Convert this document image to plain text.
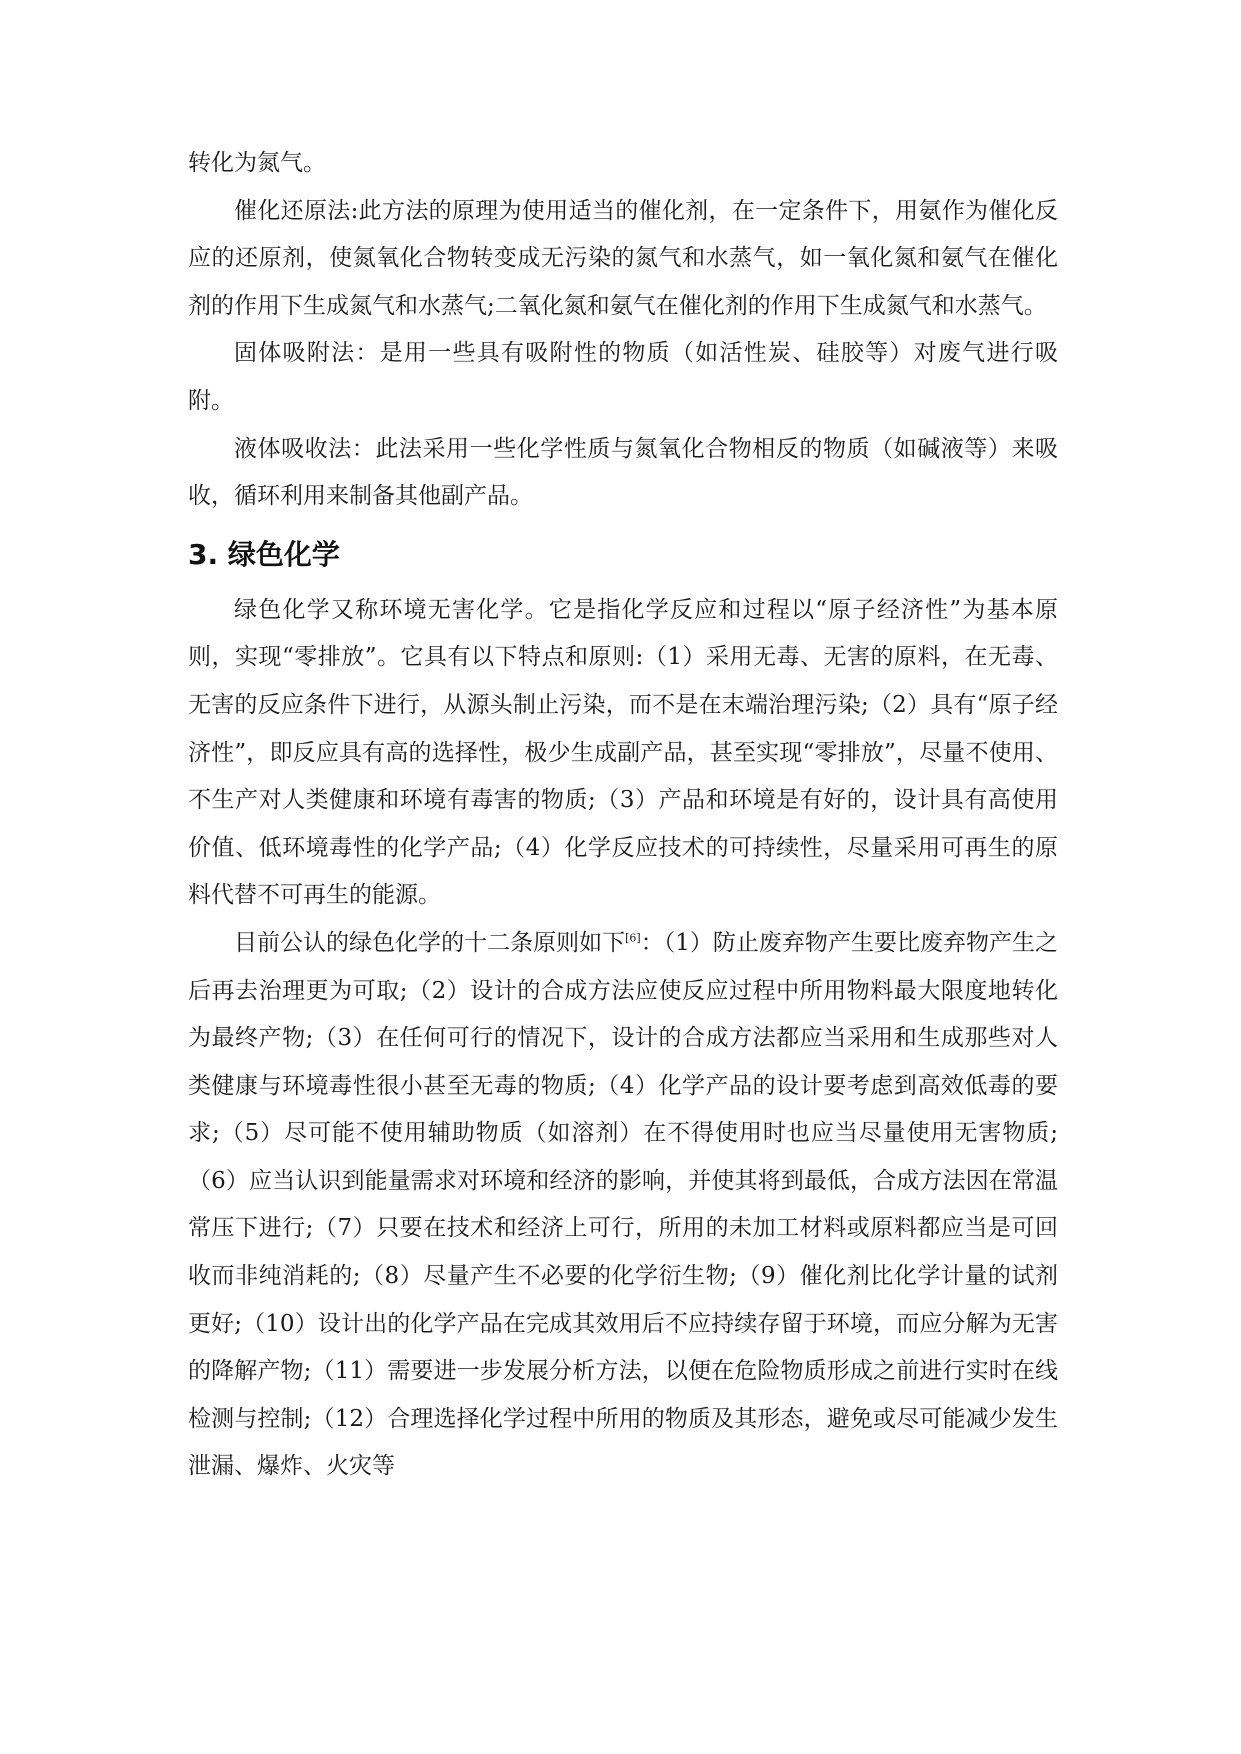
转化为氮气。

催化还原法:此方法的原理为使用适当的催化剂，在一定条件下，用氨作为催化反应的还原剂，使氮氧化合物转变成无污染的氮气和水蒸气，如一氧化氮和氨气在催化剂的作用下生成氮气和水蒸气;二氧化氮和氨气在催化剂的作用下生成氮气和水蒸气。

固体吸附法：是用一些具有吸附性的物质（如活性炭、硅胶等）对废气进行吸附。

液体吸收法：此法采用一些化学性质与氮氧化合物相反的物质（如碱液等）来吸收，循环利用来制备其他副产品。

3. 绿色化学

绿色化学又称环境无害化学。它是指化学反应和过程以“原子经济性”为基本原则，实现“零排放”。它具有以下特点和原则:（1）采用无毒、无害的原料，在无毒、无害的反应条件下进行，从源头制止污染，而不是在末端治理污染;（2）具有“原子经济性”，即反应具有高的选择性，极少生成副产品，甚至实现“零排放”，尽量不使用、不生产对人类健康和环境有毒害的物质;（3）产品和环境是有好的，设计具有高使用价值、低环境毒性的化学产品;（4）化学反应技术的可持续性，尽量采用可再生的原料代替不可再生的能源。

目前公认的绿色化学的十二条原则如下[6]：（1）防止废弃物产生要比废弃物产生之后再去治理更为可取;（2）设计的合成方法应使反应过程中所用物料最大限度地转化为最终产物;（3）在任何可行的情况下，设计的合成方法都应当采用和生成那些对人类健康与环境毒性很小甚至无毒的物质;（4）化学产品的设计要考虑到高效低毒的要求;（5）尽可能不使用辅助物质（如溶剂）在不得使用时也应当尽量使用无害物质;（6）应当认识到能量需求对环境和经济的影响，并使其将到最低，合成方法因在常温常压下进行;（7）只要在技术和经济上可行，所用的未加工材料或原料都应当是可回收而非纯消耗的;（8）尽量产生不必要的化学衍生物;（9）催化剂比化学计量的试剂更好;（10）设计出的化学产品在完成其效用后不应持续存留于环境，而应分解为无害的降解产物;（11）需要进一步发展分析方法，以便在危险物质形成之前进行实时在线检测与控制;（12）合理选择化学过程中所用的物质及其形态，避免或尽可能减少发生泄漏、爆炸、火灾等
